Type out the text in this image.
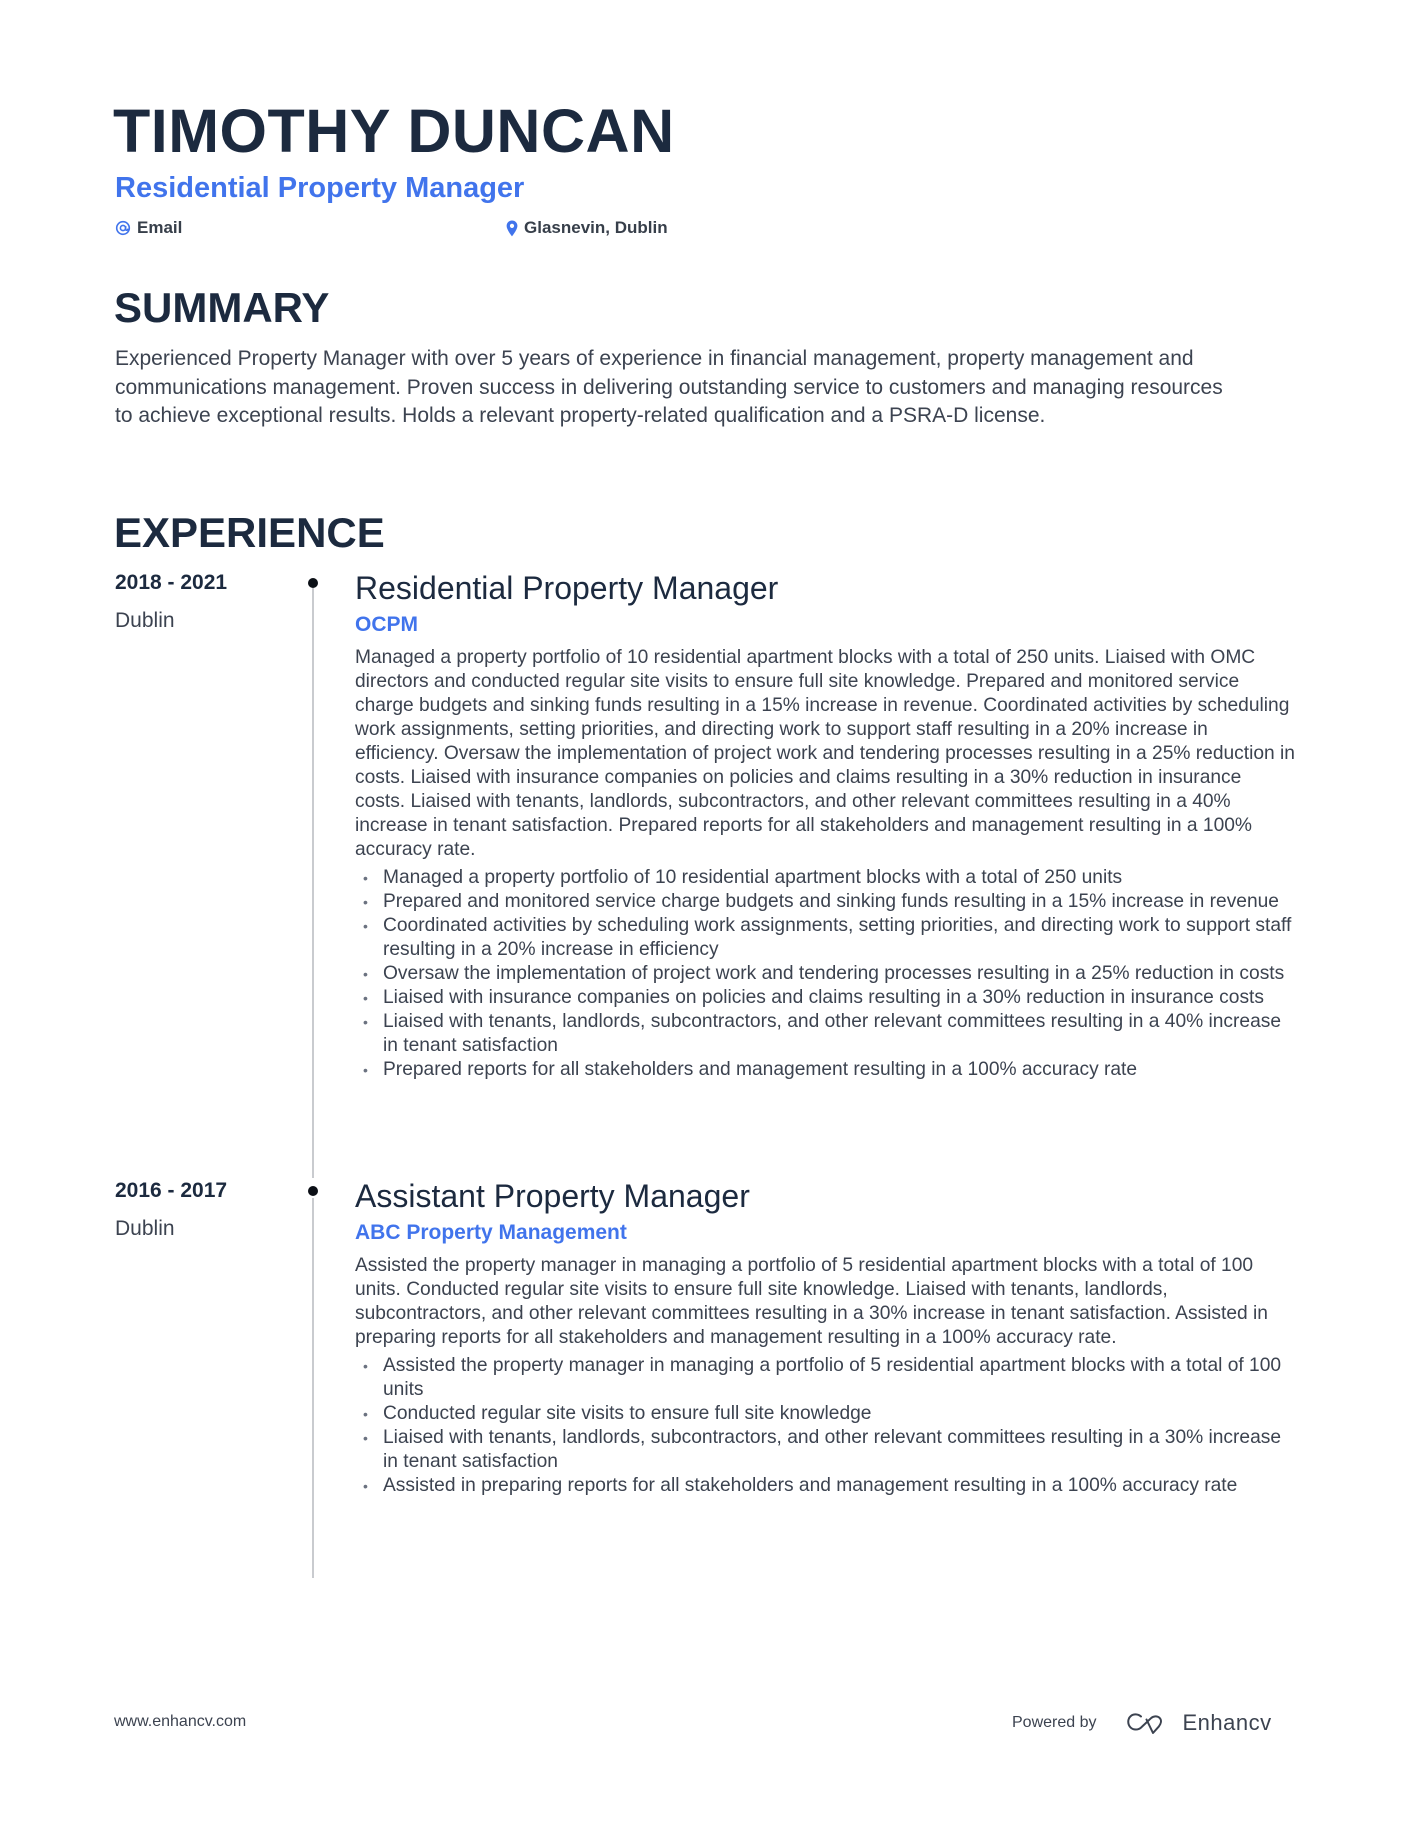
TIMOTHY DUNCAN
Residential Property Manager
Email	Glasnevin, Dublin
SUMMARY

Experienced Property Manager with over 5 years of experience in financial management, property management and communications management. Proven success in delivering outstanding service to customers and managing resources to achieve exceptional results. Holds a relevant property-related qualification and a PSRA-D license.

EXPERIENCE
2018 - 2021
Dublin
Residential Property Manager
OCPM

Managed a property portfolio of 10 residential apartment blocks with a total of 250 units. Liaised with OMC directors and conducted regular site visits to ensure full site knowledge. Prepared and monitored service charge budgets and sinking funds resulting in a 15% increase in revenue. Coordinated activities by scheduling work assignments, setting priorities, and directing work to support staff resulting in a 20% increase in efficiency. Oversaw the implementation of project work and tendering processes resulting in a 25% reduction in costs. Liaised with insurance companies on policies and claims resulting in a 30% reduction in insurance costs. Liaised with tenants, landlords, subcontractors, and other relevant committees resulting in a 40% increase in tenant satisfaction. Prepared reports for all stakeholders and management resulting in a 100% accuracy rate.

• Managed a property portfolio of 10 residential apartment blocks with a total of 250 units
• Prepared and monitored service charge budgets and sinking funds resulting in a 15% increase in revenue
• Coordinated activities by scheduling work assignments, setting priorities, and directing work to support staff resulting in a 20% increase in efficiency
• Oversaw the implementation of project work and tendering processes resulting in a 25% reduction in costs
• Liaised with insurance companies on policies and claims resulting in a 30% reduction in insurance costs
• Liaised with tenants, landlords, subcontractors, and other relevant committees resulting in a 40% increase in tenant satisfaction
• Prepared reports for all stakeholders and management resulting in a 100% accuracy rate
2016 - 2017
Dublin
Assistant Property Manager
ABC Property Management

Assisted the property manager in managing a portfolio of 5 residential apartment blocks with a total of 100 units. Conducted regular site visits to ensure full site knowledge. Liaised with tenants, landlords, subcontractors, and other relevant committees resulting in a 30% increase in tenant satisfaction. Assisted in preparing reports for all stakeholders and management resulting in a 100% accuracy rate.

• Assisted the property manager in managing a portfolio of 5 residential apartment blocks with a total of 100 units
• Conducted regular site visits to ensure full site knowledge
• Liaised with tenants, landlords, subcontractors, and other relevant committees resulting in a 30% increase in tenant satisfaction
• Assisted in preparing reports for all stakeholders and management resulting in a 100% accuracy rate
www.enhancv.com	Powered by	Enhancv
